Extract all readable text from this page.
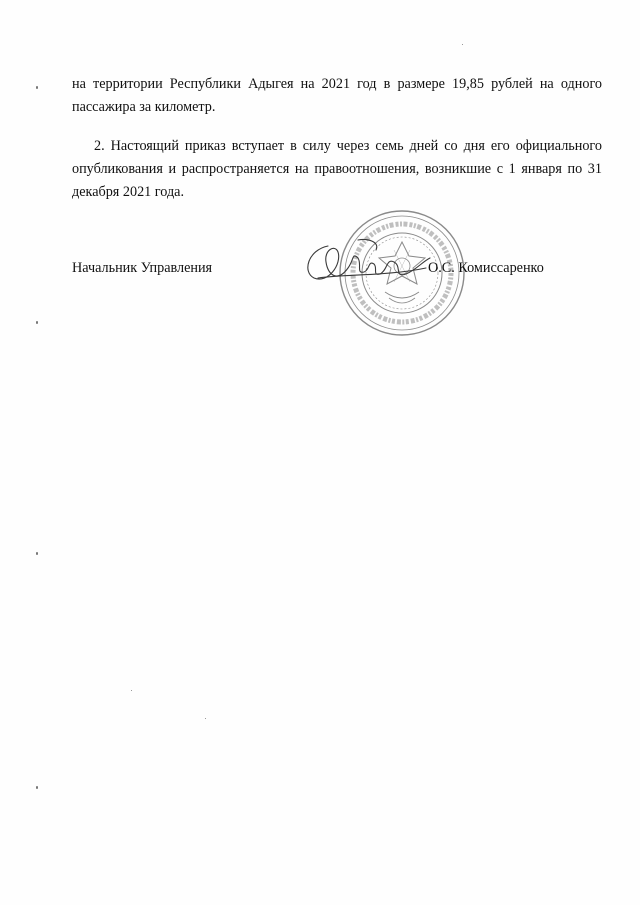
на территории Республики Адыгея на 2021 год в размере 19,85 рублей на одного пассажира за километр.

2. Настоящий приказ вступает в силу через семь дней со дня его официального опубликования и распространяется на правоотношения, возникшие с 1 января по 31 декабря 2021 года.

Начальник Управления	О.С. Комиссаренко
